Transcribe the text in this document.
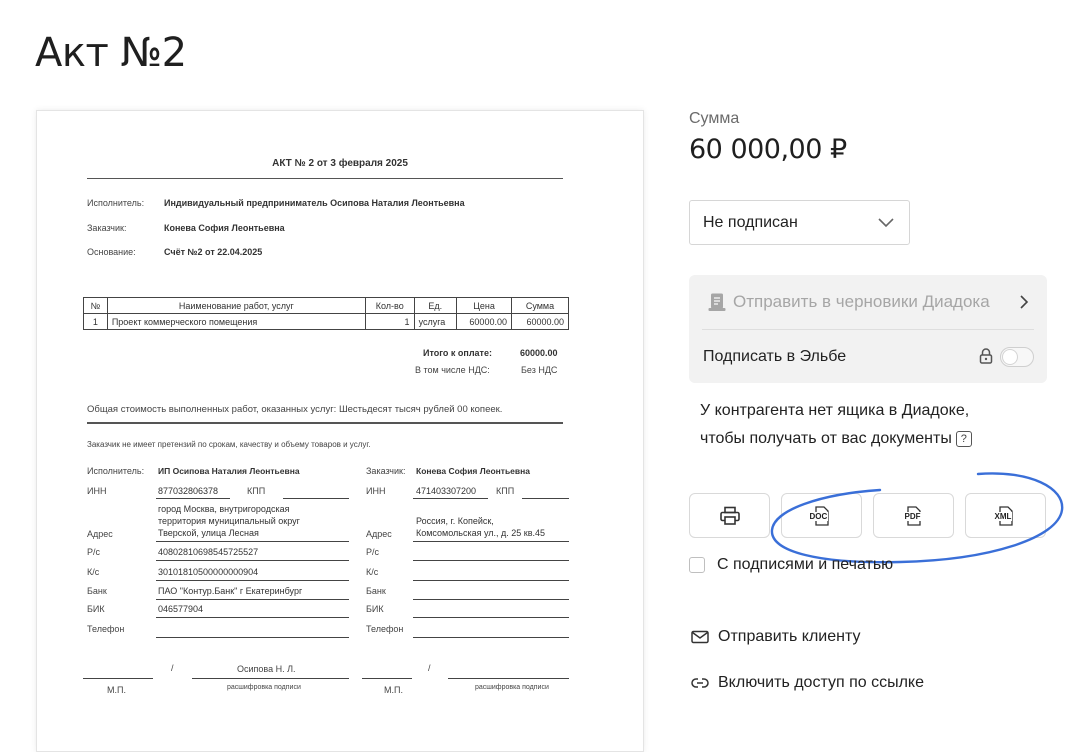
Акт №2
АКТ № 2 от 3 февраля 2025
Исполнитель: Индивидуальный предприниматель Осипова Наталия Леонтьевна
Заказчик:	Конева София Леонтьевна
Основание:	Счёт №2 от 22.04.2025
№	Наименование работ, услуг	Кол-во	Ед.	Цена	Сумма
1	Проект коммерческого помещения	1	услуга	60000.00	60000.00
Итого к оплате:	60000.00
В том числе НДС:	Без НДС
Общая стоимость выполненных работ, оказанных услуг: Шестьдесят тысяч рублей 00 копеек.
Заказчик не имеет претензий по срокам, качеству и объему товаров и услуг.
Исполнитель: ИП Осипова Наталия Леонтьевна
ИНН	877032806378	КПП
город Москва, внутригородская
территория муниципальный округ
Адрес	Тверской, улица Лесная
Р/с	40802810698545725527
К/с	30101810500000000904
Банк	ПАО "Контур.Банк" г Екатеринбург
БИК	046577904
Телефон
Заказчик: Конева София Леонтьевна
ИНН	471403307200 КПП
Россия, г. Копейск,
Адрес	Комсомольская ул., д. 25 кв.45
Р/с
К/с
Банк
БИК
Телефон
/	Осипова Н. Л.
М.П.	расшифровка подписи
/
М.П.	расшифровка подписи
Сумма
60 000,00 ₽
Не подписан
Отправить в черновики Диадока
Подписать в Эльбе
У контрагента нет ящика в Диадоке,
чтобы получать от вас документы ?
DOC	PDF	XML
С подписями и печатью
Отправить клиенту
Включить доступ по ссылке
